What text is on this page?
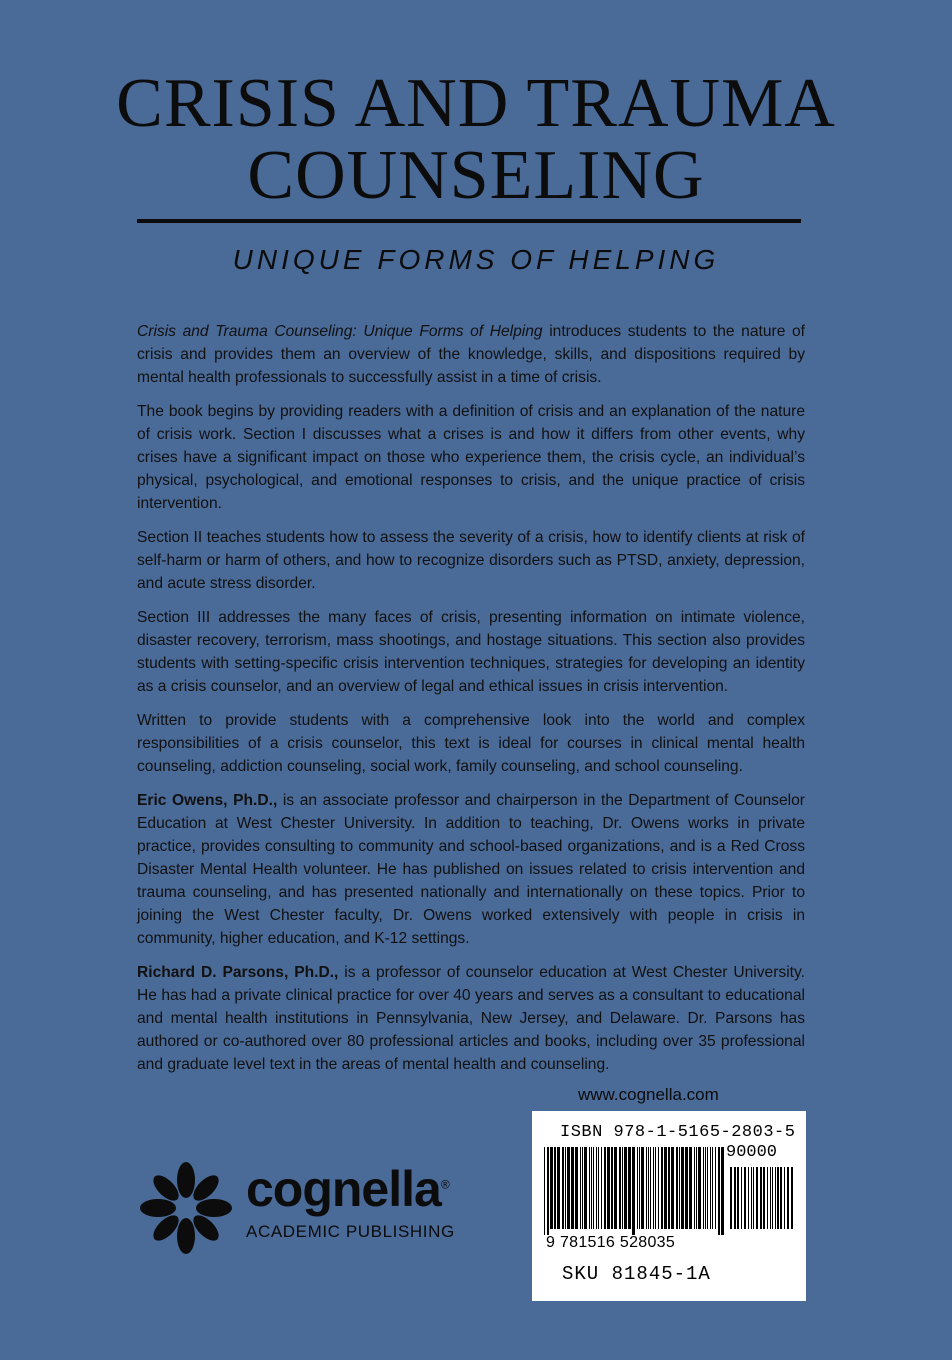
CRISIS AND TRAUMA
COUNSELING
UNIQUE FORMS OF HELPING

Crisis and Trauma Counseling: Unique Forms of Helping introduces students to the nature of crisis and provides them an overview of the knowledge, skills, and dispositions required by mental health professionals to successfully assist in a time of crisis.

The book begins by providing readers with a definition of crisis and an explanation of the nature of crisis work. Section I discusses what a crises is and how it differs from other events, why crises have a significant impact on those who experience them, the crisis cycle, an individual’s physical, psychological, and emotional responses to crisis, and the unique practice of crisis intervention.

Section II teaches students how to assess the severity of a crisis, how to identify clients at risk of self-harm or harm of others, and how to recognize disorders such as PTSD, anxiety, depression, and acute stress disorder.

Section III addresses the many faces of crisis, presenting information on intimate violence, disaster recovery, terrorism, mass shootings, and hostage situations. This section also provides students with setting-specific crisis intervention techniques, strategies for developing an identity as a crisis counselor, and an overview of legal and ethical issues in crisis intervention.

Written to provide students with a comprehensive look into the world and complex responsibilities of a crisis counselor, this text is ideal for courses in clinical mental health counseling, addiction counseling, social work, family counseling, and school counseling.

Eric Owens, Ph.D., is an associate professor and chairperson in the Department of Counselor Education at West Chester University. In addition to teaching, Dr. Owens works in private practice, provides consulting to community and school-based organizations, and is a Red Cross Disaster Mental Health volunteer. He has published on issues related to crisis intervention and trauma counseling, and has presented nationally and internationally on these topics. Prior to joining the West Chester faculty, Dr. Owens worked extensively with people in crisis in community, higher education, and K-12 settings.

Richard D. Parsons, Ph.D., is a professor of counselor education at West Chester University. He has had a private clinical practice for over 40 years and serves as a consultant to educational and mental health institutions in Pennsylvania, New Jersey, and Delaware. Dr. Parsons has authored or co-authored over 80 professional articles and books, including over 35 professional and graduate level text in the areas of mental health and counseling.

www.cognella.com
ISBN 978-1-5165-2803-5
90000
9 781516 528035
SKU 81845-1A
cognella®
ACADEMIC PUBLISHING
